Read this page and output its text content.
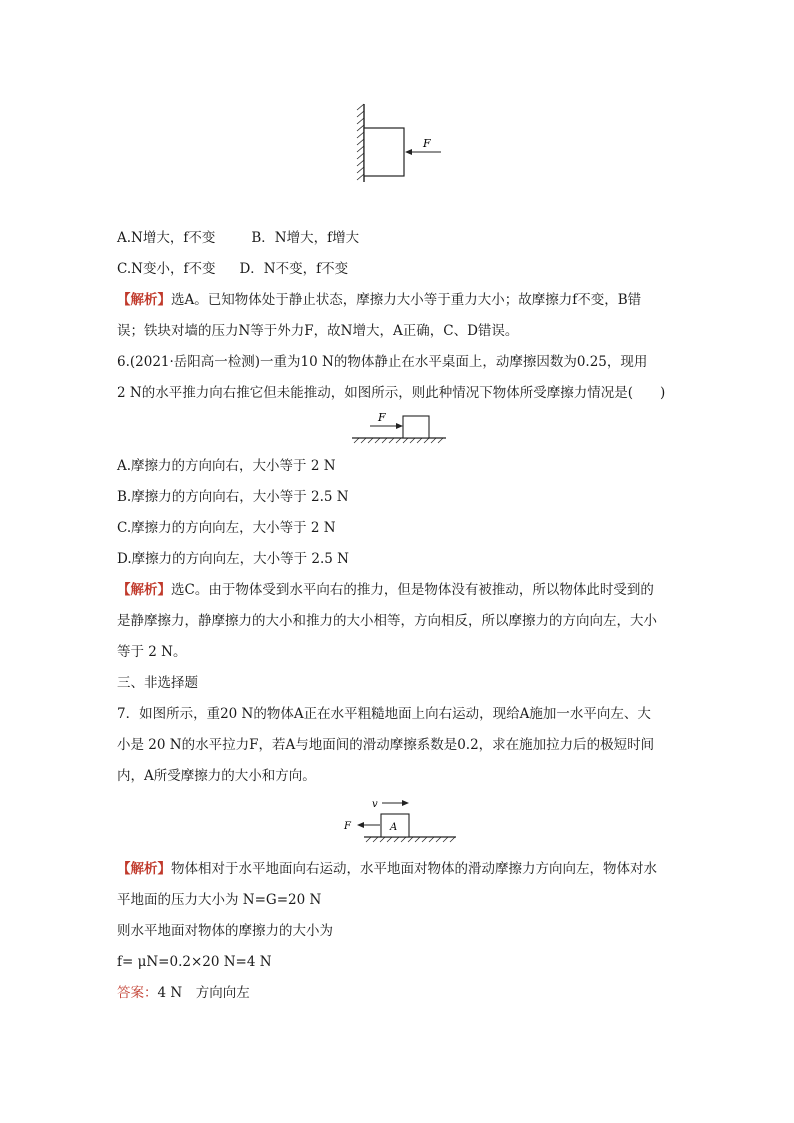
F
A.N增大，f不变	B．N增大，f增大
C.N变小，f不变 D．N不变，f不变
【解析】选A。已知物体处于静止状态，摩擦力大小等于重力大小；故摩擦力f不变，B错
误；铁块对墙的压力N等于外力F，故N增大，A正确，C、D错误。
6.(2021·岳阳高一检测)一重为10 N的物体静止在水平桌面上，动摩擦因数为0.25，现用
2 N的水平推力向右推它但未能推动，如图所示，则此种情况下物体所受摩擦力情况是(　　)
F
A.摩擦力的方向向右，大小等于 2 N
B.摩擦力的方向向右，大小等于 2.5 N
C.摩擦力的方向向左，大小等于 2 N
D.摩擦力的方向向左，大小等于 2.5 N
【解析】选C。由于物体受到水平向右的推力，但是物体没有被推动，所以物体此时受到的
是静摩擦力，静摩擦力的大小和推力的大小相等，方向相反，所以摩擦力的方向向左，大小
等于 2 N。
三、非选择题
7．如图所示，重20 N的物体A正在水平粗糙地面上向右运动，现给A施加一水平向左、大
小是 20 N的水平拉力F，若A与地面间的滑动摩擦系数是0.2，求在施加拉力后的极短时间
内，A所受摩擦力的大小和方向。
A
v
F
【解析】物体相对于水平地面向右运动，水平地面对物体的滑动摩擦力方向向左，物体对水
平地面的压力大小为 N=G=20 N
则水平地面对物体的摩擦力的大小为
f= μN=0.2×20 N=4 N
答案：4 N　方向向左
